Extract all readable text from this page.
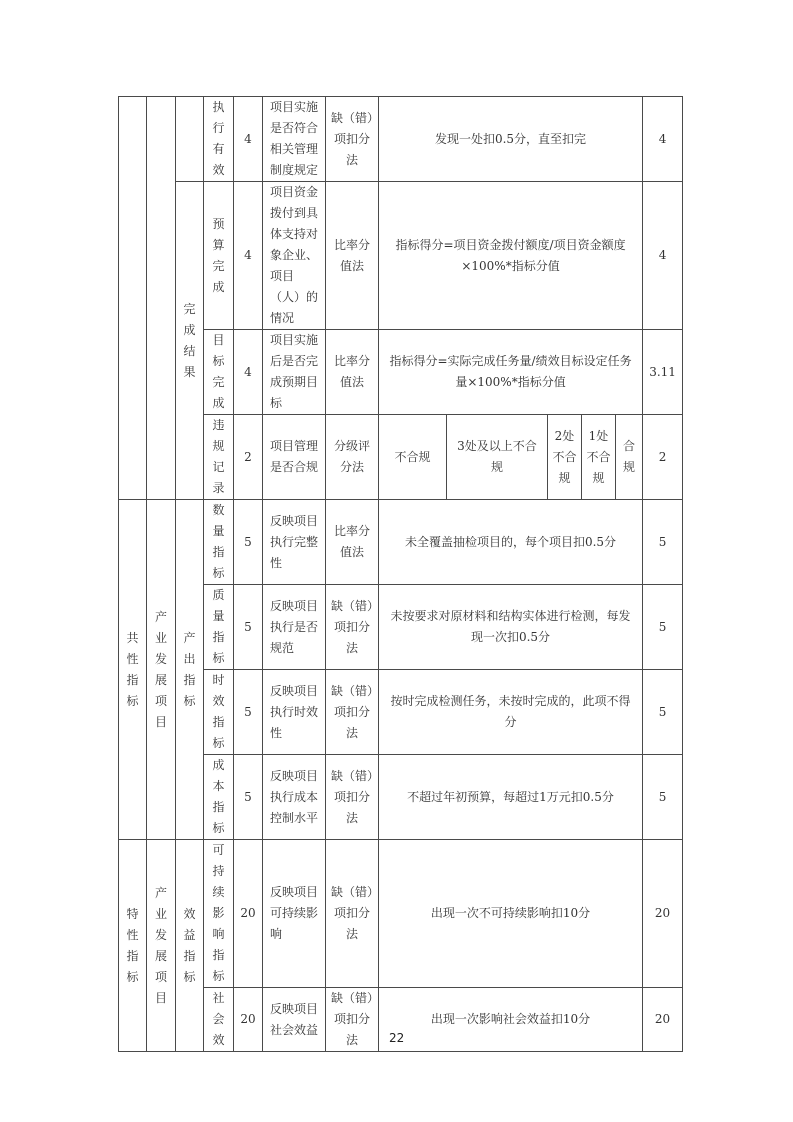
			执行有效	4	项目实施是否符合相关管理制度规定	缺（错）项扣分法	发现一处扣0.5分，直至扣完					4
		完成结果	预算完成	4	项目资金拨付到具体支持对象企业、项目（人）的情况	比率分值法	指标得分=项目资金拨付额度/项目资金额度×100%*指标分值					4
			目标完成	4	项目实施后是否完成预期目标	比率分值法	指标得分=实际完成任务量/绩效目标设定任务量×100%*指标分值					3.11
			违规记录	2	项目管理是否合规	分级评分法	不合规	3处及以上不合规	2处不合规	1处不合规	合规	2
共性指标	产业发展项目	产出指标	数量指标	5	反映项目执行完整性	比率分值法	未全覆盖抽检项目的，每个项目扣0.5分					5
			质量指标	5	反映项目执行是否规范	缺（错）项扣分法	未按要求对原材料和结构实体进行检测，每发现一次扣0.5分					5
			时效指标	5	反映项目执行时效性	缺（错）项扣分法	按时完成检测任务，未按时完成的，此项不得分					5
			成本指标	5	反映项目执行成本控制水平	缺（错）项扣分法	不超过年初预算，每超过1万元扣0.5分					5
特性指标	产业发展项目	效益指标	可持续影响指标	20	反映项目可持续影响	缺（错）项扣分法	出现一次不可持续影响扣10分					20
			社会效	20	反映项目社会效益	缺（错）项扣分法	出现一次影响社会效益扣10分					20
22
